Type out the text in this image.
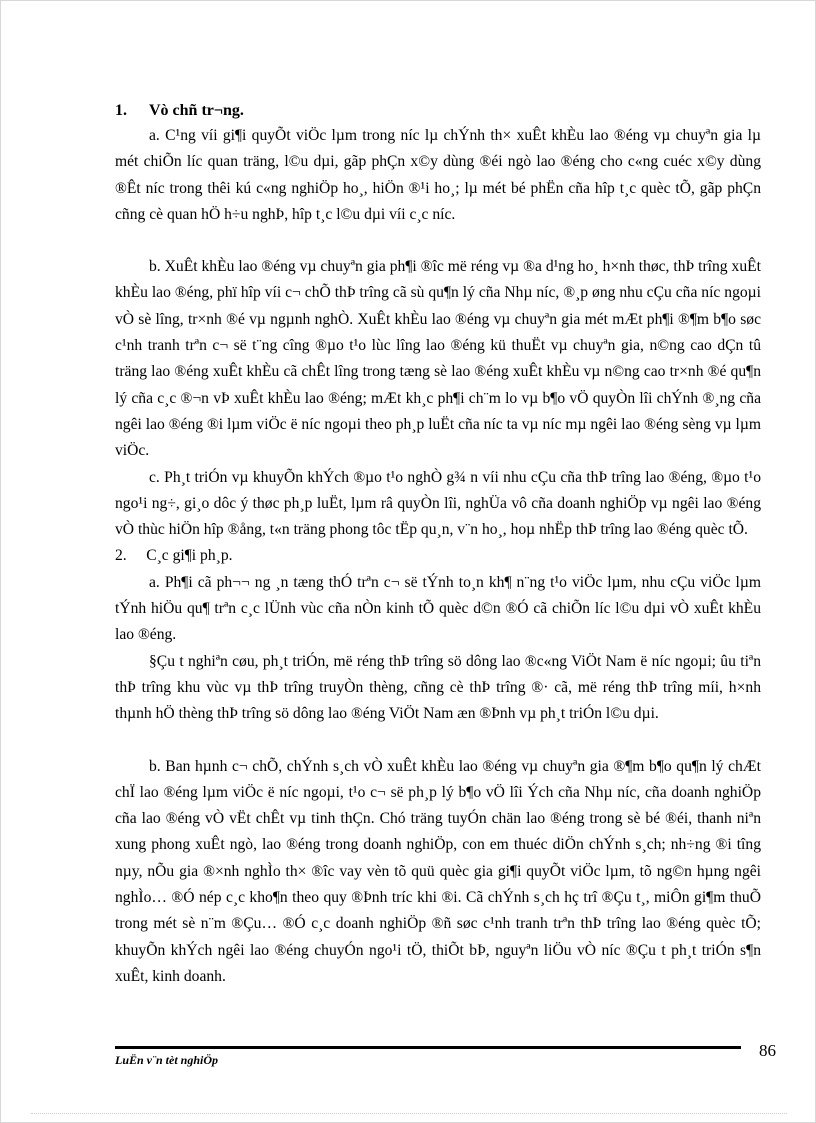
1. Vò chñ tr¬ng.

a. C¹ng víi gi¶i quyÕt viÖc lµm trong níc lµ chÝnh th× xuÊt khÈu lao ®éng vµ chuyªn gia lµ mét chiÕn líc quan träng, l©u dµi, gãp phÇn x©y dùng ®éi ngò lao ®éng cho c«ng cuéc x©y dùng ®Êt níc trong thêi kú c«ng nghiÖp ho¸, hiÖn ®¹i ho¸; lµ mét bé phËn cña hîp t¸c quèc tÕ, gãp phÇn cñng cè quan hÖ h÷u nghÞ, hîp t¸c l©u dµi víi c¸c níc.

b. XuÊt khÈu lao ®éng vµ chuyªn gia ph¶i ®îc më réng vµ ®a d¹ng ho¸ h×nh thøc, thÞ trîng xuÊt khÈu lao ®éng, phï hîp víi c¬ chÕ thÞ trîng cã sù qu¶n lý cña Nhµ níc, ®¸p øng nhu cÇu cña níc ngoµi vÒ sè lîng, tr×nh ®é vµ ngµnh nghÒ. XuÊt khÈu lao ®éng vµ chuyªn gia mét mÆt ph¶i ®¶m b¶o søc c¹nh tranh trªn c¬ së t¨ng cîng ®µo t¹o lùc lîng lao ®éng kü thuËt vµ chuyªn gia, n©ng cao dÇn tû träng lao ®éng xuÊt khÈu cã chÊt lîng trong tæng sè lao ®éng xuÊt khÈu vµ n©ng cao tr×nh ®é qu¶n lý cña c¸c ®¬n vÞ xuÊt khÈu lao ®éng; mÆt kh¸c ph¶i ch¨m lo vµ b¶o vÖ quyÒn lîi chÝnh ®¸ng cña ngêi lao ®éng ®i lµm viÖc ë níc ngoµi theo ph¸p luËt cña níc ta vµ níc mµ ngêi lao ®éng sèng vµ lµm viÖc.

c. Ph¸t triÓn vµ khuyÕn khÝch ®µo t¹o nghÒ g¾ n víi nhu cÇu cña thÞ trîng lao ®éng, ®µo t¹o ngo¹i ng÷, gi¸o dôc ý thøc ph¸p luËt, lµm râ quyÒn lîi, nghÜa vô cña doanh nghiÖp vµ ngêi lao ®éng vÒ thùc hiÖn hîp ®ång, t«n träng phong tôc tËp qu¸n, v¨n ho¸, hoµ nhËp thÞ trîng lao ®éng quèc tÕ.

2. C¸c gi¶i ph¸p.

a. Ph¶i cã ph¬¬ ng ¸n tæng thÓ trªn c¬ së tÝnh to¸n kh¶ n¨ng t¹o viÖc lµm, nhu cÇu viÖc lµm tÝnh hiÖu qu¶ trªn c¸c lÜnh vùc cña nÒn kinh tÕ quèc d©n ®Ó cã chiÕn líc l©u dµi vÒ xuÊt khÈu lao ®éng.

§Çu t nghiªn cøu, ph¸t triÓn, më réng thÞ trîng sö dông lao ®c«ng ViÖt Nam ë níc ngoµi; ûu tiªn thÞ trîng khu vùc vµ thÞ trîng truyÒn thèng, cñng cè thÞ trîng ®· cã, më réng thÞ trîng míi, h×nh thµnh hÖ thèng thÞ trîng sö dông lao ®éng ViÖt Nam æn ®Þnh vµ ph¸t triÓn l©u dµi.

b. Ban hµnh c¬ chÕ, chÝnh s¸ch vÒ xuÊt khÈu lao ®éng vµ chuyªn gia ®¶m b¶o qu¶n lý chÆt chÏ lao ®éng lµm viÖc ë níc ngoµi, t¹o c¬ së ph¸p lý b¶o vÖ lîi Ých cña Nhµ níc, cña doanh nghiÖp cña lao ®éng vÒ vËt chÊt vµ tinh thÇn. Chó träng tuyÓn chän lao ®éng trong sè bé ®éi, thanh niªn xung phong xuÊt ngò, lao ®éng trong doanh nghiÖp, con em thuéc diÖn chÝnh s¸ch; nh÷ng ®i tîng nµy, nÕu gia ®×nh nghÌo th× ®îc vay vèn tõ quü quèc gia gi¶i quyÕt viÖc lµm, tõ ng©n hµng ngêi nghÌo… ®Ó nép c¸c kho¶n theo quy ®Þnh tríc khi ®i. Cã chÝnh s¸ch hç trî ®Çu t¸, miÔn gi¶m thuÕ trong mét sè n¨m ®Çu… ®Ó c¸c doanh nghiÖp ®ñ søc c¹nh tranh trªn thÞ trîng lao ®éng quèc tÕ; khuyÕn khÝch ngêi lao ®éng chuyÓn ngo¹i tÖ, thiÕt bÞ, nguyªn liÖu vÒ níc ®Çu t ph¸t triÓn s¶n xuÊt, kinh doanh.

LuËn v¨n tèt nghiÖp	86
